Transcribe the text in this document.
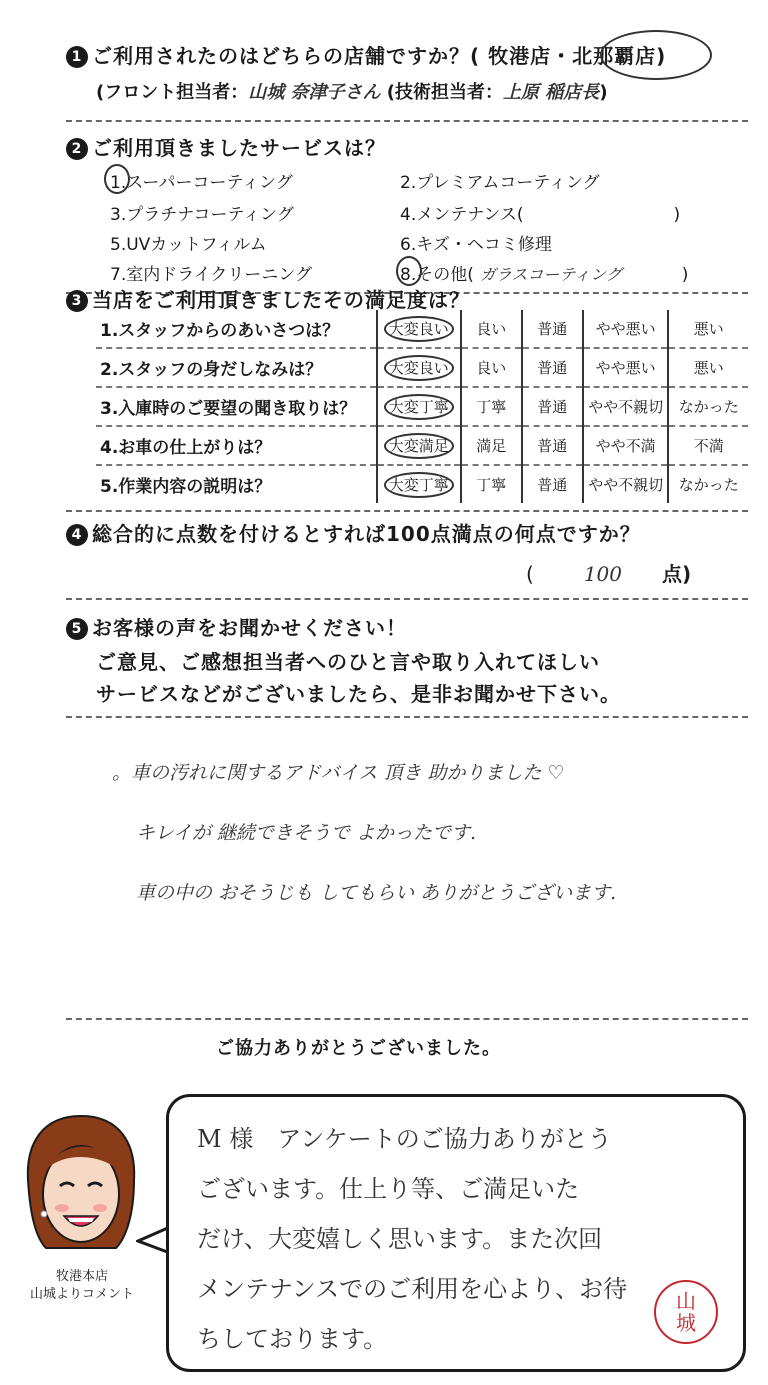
1 ご利用されたのはどちらの店舗ですか？( 牧港店・北那覇店)
(フロント担当者：山城 奈津子さん (技術担当者：上原 稲店長)
2 ご利用頂きましたサービスは？
1.スーパーコーティング	2.プレミアムコーティング
3.プラチナコーティング	4.メンテナンス(	)
5.UVカットフィルム	6.キズ・ヘコミ修理
7.室内ドライクリーニング	8.その他( ガラスコーティング	)
3 当店をご利用頂きましたその満足度は？
1.スタッフからのあいさつは？	大変良い	良い	普通	やや悪い	悪い
2.スタッフの身だしなみは？	大変良い	良い	普通	やや悪い	悪い
3.入庫時のご要望の聞き取りは？	大変丁寧	丁寧	普通	やや不親切	なかった
4.お車の仕上がりは？	大変満足	満足	普通	やや不満	不満
5.作業内容の説明は？	大変丁寧	丁寧	普通	やや不親切	なかった
4 総合的に点数を付けるとすれば100点満点の何点ですか？
(	100 点)
5 お客様の声をお聞かせください！
ご意見、ご感想担当者へのひと言や取り入れてほしい
サービスなどがございましたら、是非お聞かせ下さい。
。車の汚れに関するアドバイス 頂き 助かりました ♡
キレイが 継続できそうで よかったです.
車の中の おそうじも してもらい ありがとうございます.
ご協力ありがとうございました。
牧港本店
山城よりコメント
M 様　アンケートのご協力ありがとう
ございます。仕上り等、ご満足いた
だけ、大変嬉しく思います。また次回
メンテナンスでのご利用を心より、お待
ちしております。
山
城
